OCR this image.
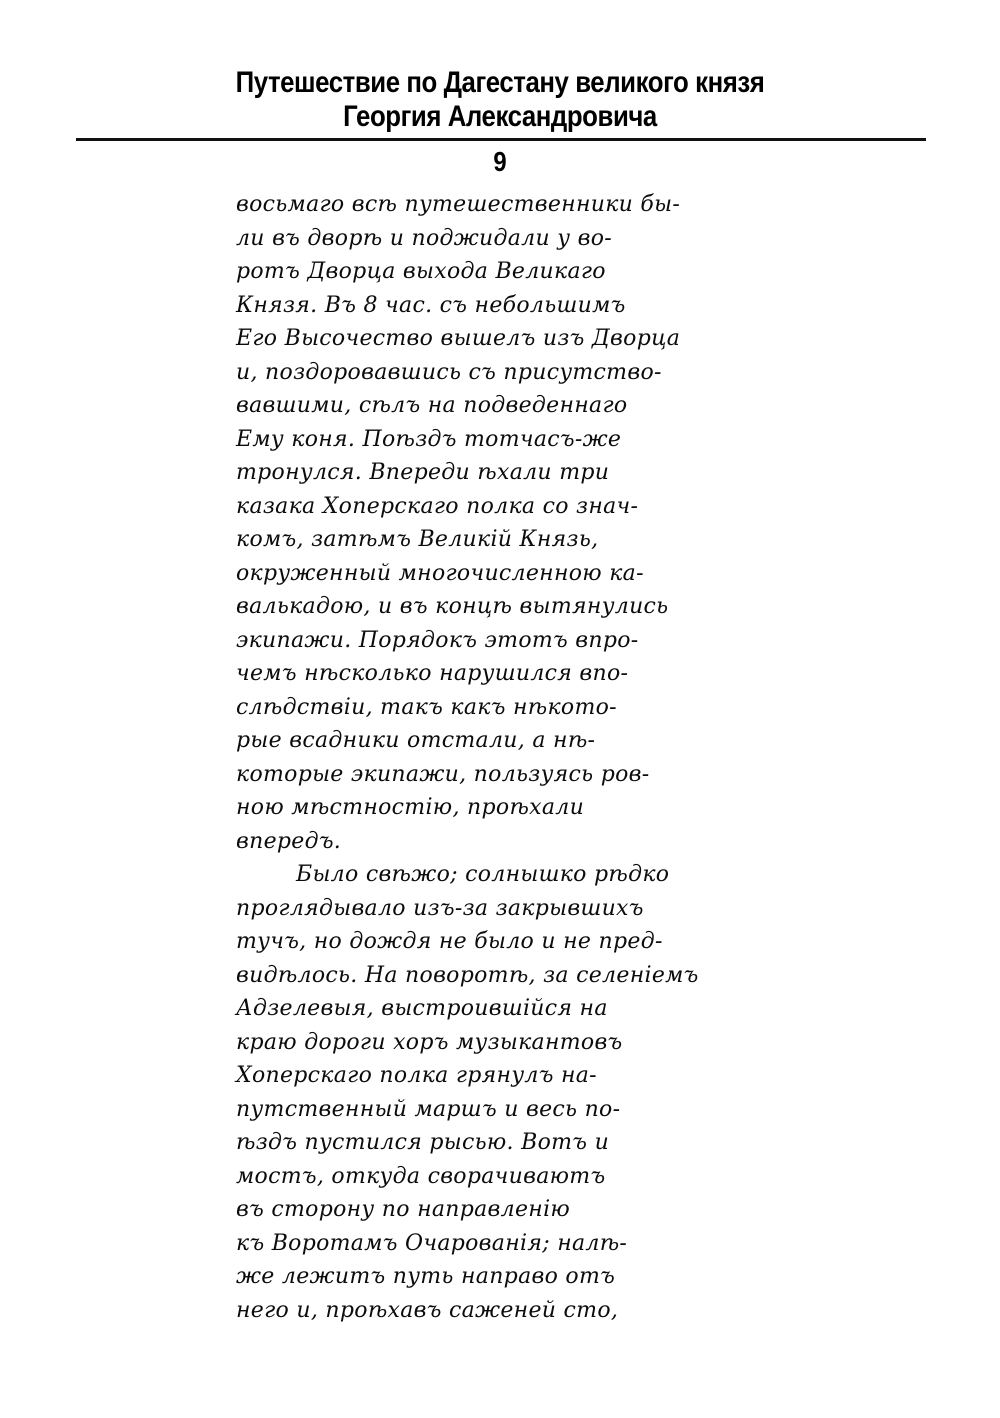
Путешествие по Дагестану великого князя
Георгия Александровича
9
восьмаго всѣ путешественники бы-
ли въ дворѣ и поджидали у во-
ротъ Дворца выхода Великаго
Князя. Въ 8 час. съ небольшимъ
Его Высочество вышелъ изъ Дворца
и, поздоровавшись съ присутство-
вавшими, сѣлъ на подведеннаго
Ему коня. Поѣздъ тотчасъ-же
тронулся. Впереди ѣхали три
казака Хоперскаго полка со знач-
комъ, затѣмъ Великій Князь,
окруженный многочисленною ка-
валькадою, и въ концѣ вытянулись
экипажи. Порядокъ этотъ впро-
чемъ нѣсколько нарушился впо-
слѣдствіи, такъ какъ нѣкото-
рые всадники отстали, а нѣ-
которые экипажи, пользуясь ров-
ною мѣстностію, проѣхали
впередъ.
Было свѣжо; солнышко рѣдко
проглядывало изъ-за закрывшихъ
тучъ, но дождя не было и не пред-
видѣлось. На поворотѣ, за селеніемъ
Адзелевыя, выстроившійся на
краю дороги хоръ музыкантовъ
Хоперскаго полка грянулъ на-
путственный маршъ и весь по-
ѣздъ пустился рысью. Вотъ и
мостъ, откуда сворачиваютъ
въ сторону по направленію
къ Воротамъ Очарованія; налѣ-
же лежитъ путь направо отъ
него и, проѣхавъ саженей сто,
